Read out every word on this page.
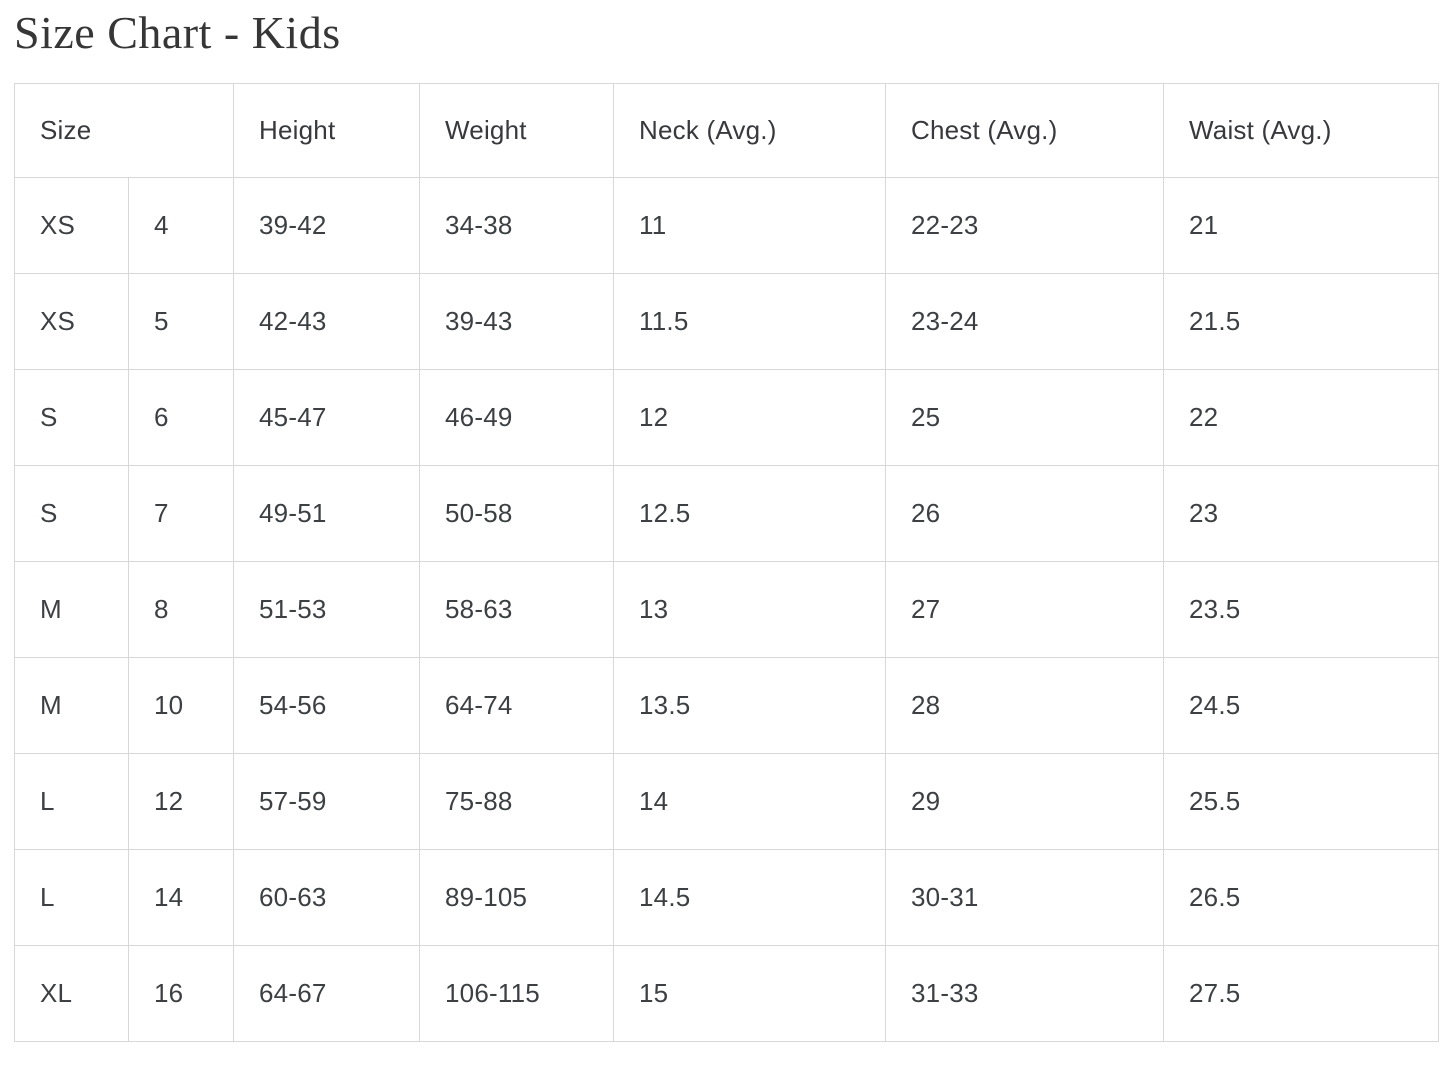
Size Chart - Kids
Size		Height	Weight	Neck (Avg.)	Chest (Avg.)	Waist (Avg.)
XS	4	39-42	34-38	11	22-23	21
XS	5	42-43	39-43	11.5	23-24	21.5
S	6	45-47	46-49	12	25	22
S	7	49-51	50-58	12.5	26	23
M	8	51-53	58-63	13	27	23.5
M	10	54-56	64-74	13.5	28	24.5
L	12	57-59	75-88	14	29	25.5
L	14	60-63	89-105	14.5	30-31	26.5
XL	16	64-67	106-115	15	31-33	27.5
